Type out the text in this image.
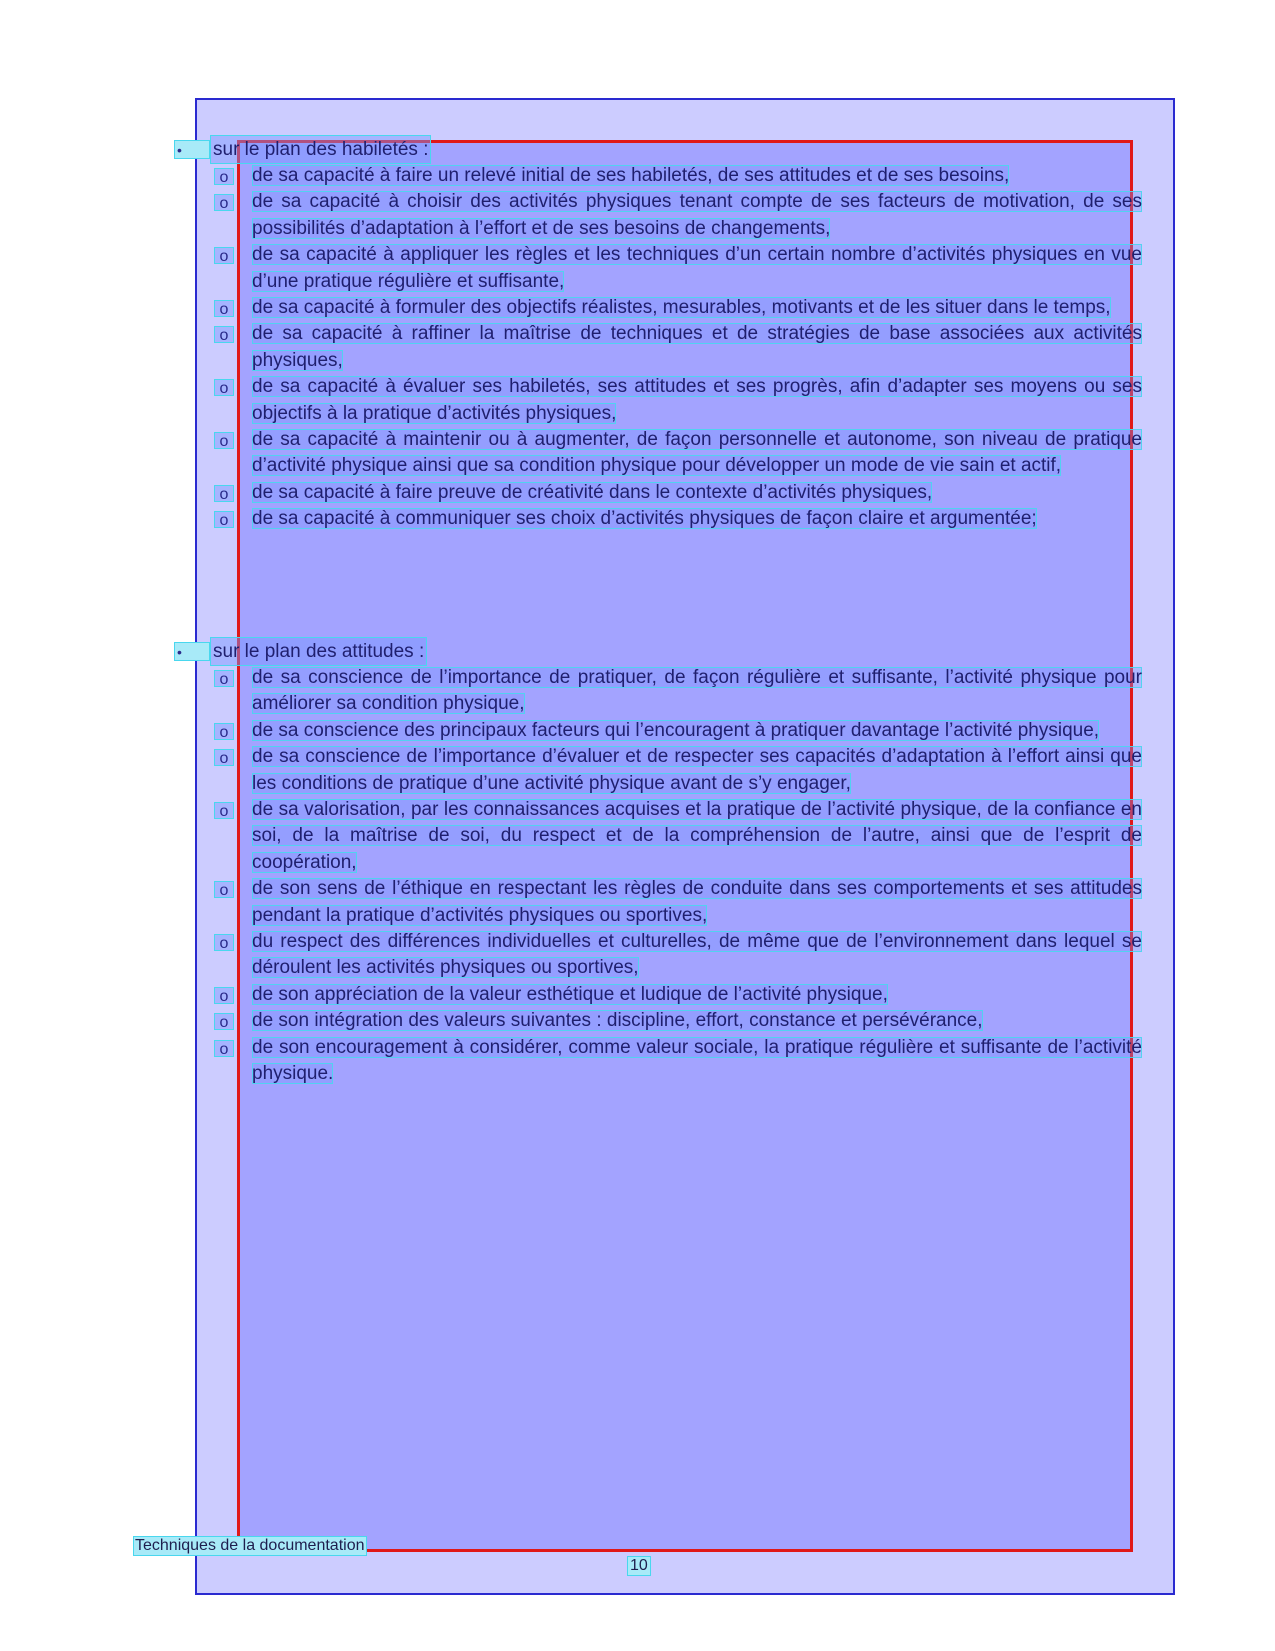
•	sur le plan des habiletés :
o de sa capacité à faire un relevé initial de ses habiletés, de ses attitudes et de ses besoins,
o de sa capacité à choisir des activités physiques tenant compte de ses facteurs de motivation, de ses possibilités d’adaptation à l’effort et de ses besoins de changements,
o de sa capacité à appliquer les règles et les techniques d’un certain nombre d’activités physiques en vue d’une pratique régulière et suffisante,
o de sa capacité à formuler des objectifs réalistes, mesurables, motivants et de les situer dans le temps,
o de sa capacité à raffiner la maîtrise de techniques et de stratégies de base associées aux activités physiques,
o de sa capacité à évaluer ses habiletés, ses attitudes et ses progrès, afin d’adapter ses moyens ou ses objectifs à la pratique d’activités physiques,
o de sa capacité à maintenir ou à augmenter, de façon personnelle et autonome, son niveau de pratique d’activité physique ainsi que sa condition physique pour développer un mode de vie sain et actif,
o de sa capacité à faire preuve de créativité dans le contexte d’activités physiques,
o de sa capacité à communiquer ses choix d’activités physiques de façon claire et argumentée;
•	sur le plan des attitudes :
o de sa conscience de l’importance de pratiquer, de façon régulière et suffisante, l’activité physique pour améliorer sa condition physique,
o de sa conscience des principaux facteurs qui l’encouragent à pratiquer davantage l’activité physique,
o de sa conscience de l’importance d’évaluer et de respecter ses capacités d’adaptation à l’effort ainsi que les conditions de pratique d’une activité physique avant de s’y engager,
o de sa valorisation, par les connaissances acquises et la pratique de l’activité physique, de la confiance en soi, de la maîtrise de soi, du respect et de la compréhension de l’autre, ainsi que de l’esprit de coopération,
o de son sens de l’éthique en respectant les règles de conduite dans ses comportements et ses attitudes pendant la pratique d’activités physiques ou sportives,
o du respect des différences individuelles et culturelles, de même que de l’environnement dans lequel se déroulent les activités physiques ou sportives,
o de son appréciation de la valeur esthétique et ludique de l’activité physique,
o de son intégration des valeurs suivantes : discipline, effort, constance et persévérance,
o de son encouragement à considérer, comme valeur sociale, la pratique régulière et suffisante de l’activité physique.
Techniques de la documentation
10
